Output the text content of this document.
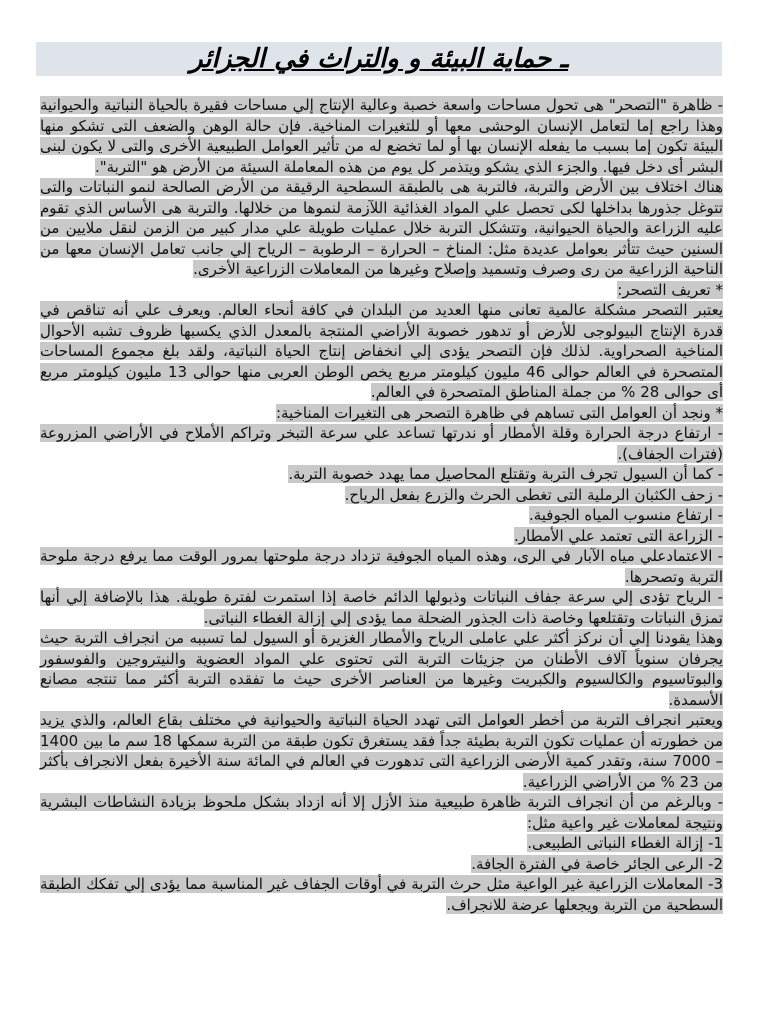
ـ حماية البيئة و والتراث في الجزائر

- ظاهرة "التصحر" هى تحول مساحات واسعة خصبة وعالية الإنتاج إلي مساحات فقيرة بالحياة النباتية والحيوانية وهذا راجع إما لتعامل الإنسان الوحشى معها أو للتغيرات المناخية. فإن حالة الوهن والضعف التى تشكو منها البيئة تكون إما بسبب ما يفعله الإنسان بها أو لما تخضع له من تأثير العوامل الطبيعية الأخرى والتى لا يكون لبنى البشر أى دخل فيها. والجزء الذي يشكو ويتذمر كل يوم من هذه المعاملة السيئة من الأرض هو "التربة".

هناك اختلاف بين الأرض والتربة، فالتربة هى بالطبقة السطحية الرقيقة من الأرض الصالحة لنمو النباتات والتى تتوغل جذورها بداخلها لكى تحصل علي المواد الغذائية اللآزمة لنموها من خلالها. والتربة هى الأساس الذي تقوم عليه الزراعة والحياة الحيوانية، وتتشكل التربة خلال عمليات طويلة علي مدار كبير من الزمن لنقل ملايين من السنين حيث تتأثر بعوامل عديدة مثل: المناخ – الحرارة – الرطوبة – الرياح إلي جانب تعامل الإنسان معها من الناحية الزراعية من رى وصرف وتسميد وإصلاح وغيرها من المعاملات الزراعية الأخرى.

* تعريف التصحر:

يعتبر التصحر مشكلة عالمية تعانى منها العديد من البلدان في كافة أنحاء العالم. ويعرف علي أنه تناقص في قدرة الإنتاج البيولوجى للأرض أو تدهور خصوبة الأراضي المنتجة بالمعدل الذي يكسبها ظروف تشبه الأحوال المناخية الصحراوية. لذلك فإن التصحر يؤدى إلي انخفاض إنتاج الحياة النباتية، ولقد بلغ مجموع المساحات المتصحرة في العالم حوالى 46 مليون كيلومتر مربع يخص الوطن العربى منها حوالى 13 مليون كيلومتر مربع أى حوالى 28 % من جملة المناطق المتصحرة في العالم.

* ونجد أن العوامل التى تساهم في ظاهرة التصحر هى التغيرات المناخية:

- ارتفاع درجة الحرارة وقلة الأمطار أو ندرتها تساعد علي سرعة التبخر وتراكم الأملاح في الأراضي المزروعة (فترات الجفاف).

- كما أن السيول تجرف التربة وتقتلع المحاصيل مما يهدد خصوبة التربة.

- زحف الكثبان الرملية التى تغطى الحرث والزرع بفعل الرياح.

- ارتفاع منسوب المياه الجوفية.

- الزراعة التى تعتمد علي الأمطار.

- الاعتمادعلي مياه الآبار في الرى، وهذه المياه الجوفية تزداد درجة ملوحتها بمرور الوقت مما يرفع درجة ملوحة التربة وتصحرها.

- الرياح تؤدى إلي سرعة جفاف النباتات وذبولها الدائم خاصة إذا استمرت لفترة طويلة. هذا بالإضافة إلي أنها تمزق النباتات وتقتلعها وخاصة ذات الجذور الضحلة مما يؤدى إلي إزالة الغطاء النباتى.

وهذا يقودنا إلي أن نركز أكثر علي عاملى الرياح والأمطار الغزيرة أو السيول لما تسببه من انجراف التربة حيث يجرفان سنوياً آلاف الأطنان من جزيئات التربة التى تحتوى علي المواد العضوية والنيتروجين والفوسفور والبوتاسيوم والكالسيوم والكبريت وغيرها من العناصر الأخرى حيث ما تفقده التربة أكثر مما تنتجه مصانع الأسمدة.

ويعتبر انجراف التربة من أخطر العوامل التى تهدد الحياة النباتية والحيوانية في مختلف بقاع العالم، والذي يزيد من خطورته أن عمليات تكون التربة بطيئة جداً فقد يستغرق تكون طبقة من التربة سمكها 18 سم ما بين 1400 – 7000 سنة، وتقدر كمية الأرضى الزراعية التى تدهورت في العالم في المائة سنة الأخيرة بفعل الانجراف بأكثر من 23 % من الأراضي الزراعية.

- وبالرغم من أن انجراف التربة ظاهرة طبيعية منذ الأزل إلا أنه ازداد بشكل ملحوظ بزيادة النشاطات البشرية ونتيجة لمعاملات غير واعية مثل:

1- إزالة الغطاء النباتى الطبيعى.

2- الرعى الجائر خاصة في الفترة الجافة.

3- المعاملات الزراعية غير الواعية مثل حرث التربة في أوقات الجفاف غير المناسبة مما يؤدى إلي تفكك الطبقة السطحية من التربة ويجعلها عرضة للانجراف.
